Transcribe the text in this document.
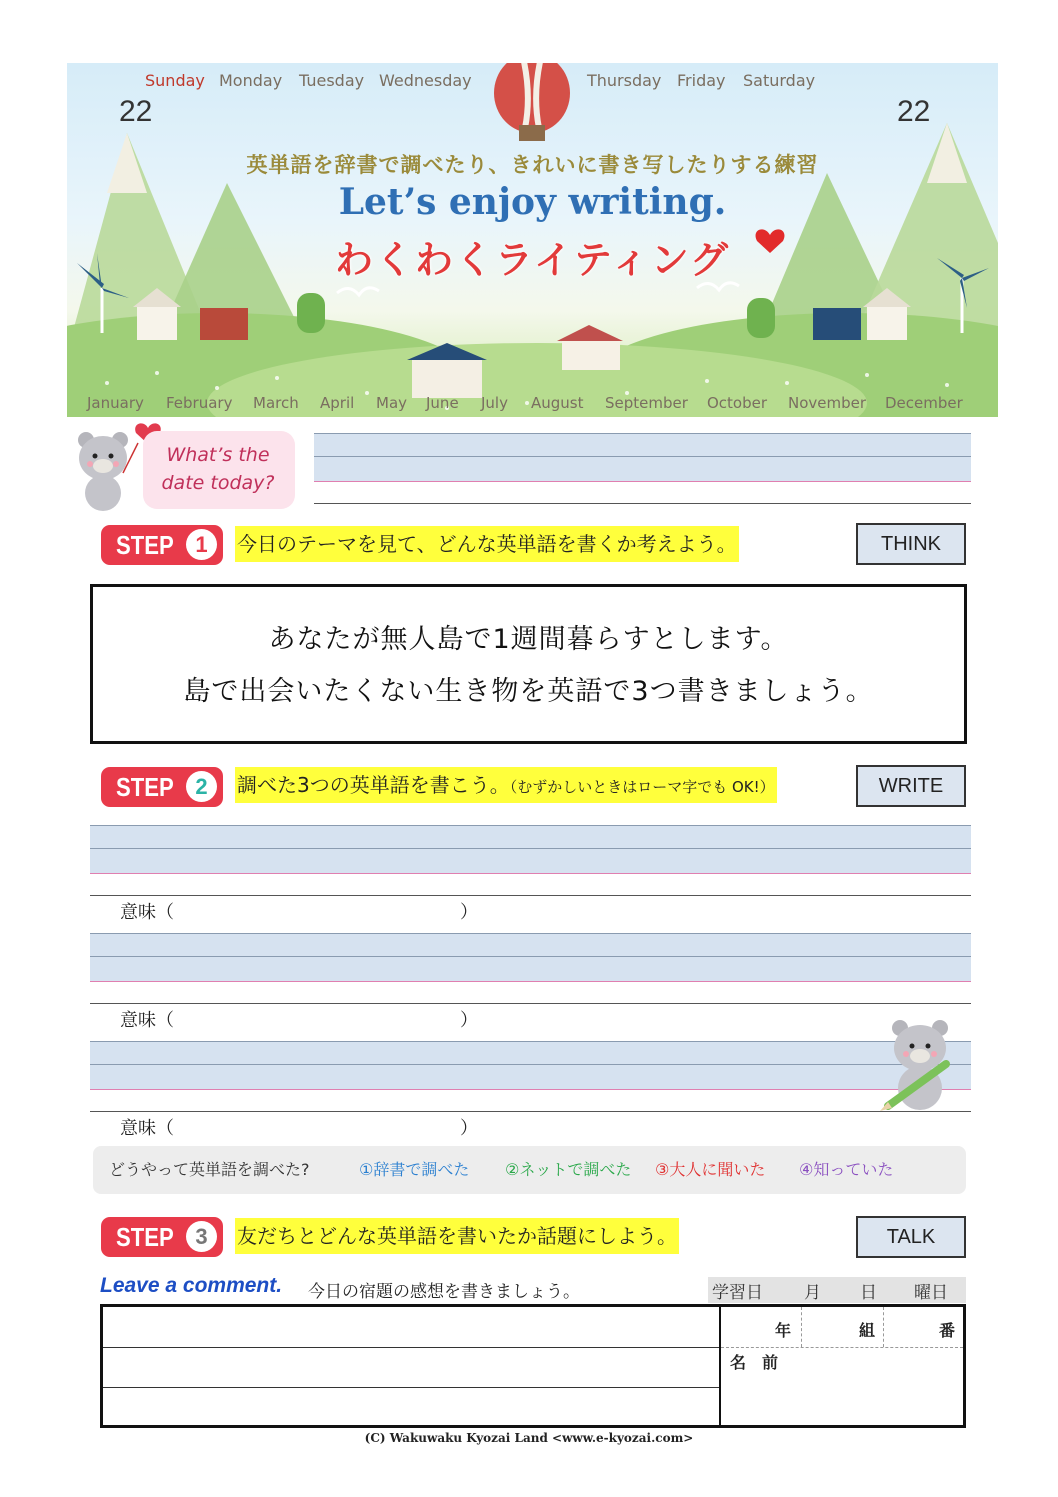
Sunday Monday Tuesday Wednesday	Thursday Friday Saturday
22	22
英単語を辞書で調べたり、きれいに書き写したりする練習
Let’s enjoy writing.
わくわくライティング
January February March April May June July August September October November December
What’s the
date today?
STEP 1	今日のテーマを見て、どんな英単語を書くか考えよう。	THINK
あなたが無人島で1週間暮らすとします。
島で出会いたくない生き物を英語で3つ書きましょう。
STEP 2	調べた3つの英単語を書こう。（むずかしいときはローマ字でも OK!）	WRITE
意味（	）
意味（	）
意味（	）
どうやって英単語を調べた?	①辞書で調べた ②ネットで調べた ③大人に聞いた ④知っていた
STEP 3	友だちとどんな英単語を書いたか話題にしよう。	TALK
Leave a comment. 今日の宿題の感想を書きましょう。	学習日 月 日 曜日
年	組	番
名　前
(C) Wakuwaku Kyozai Land <www.e-kyozai.com>
